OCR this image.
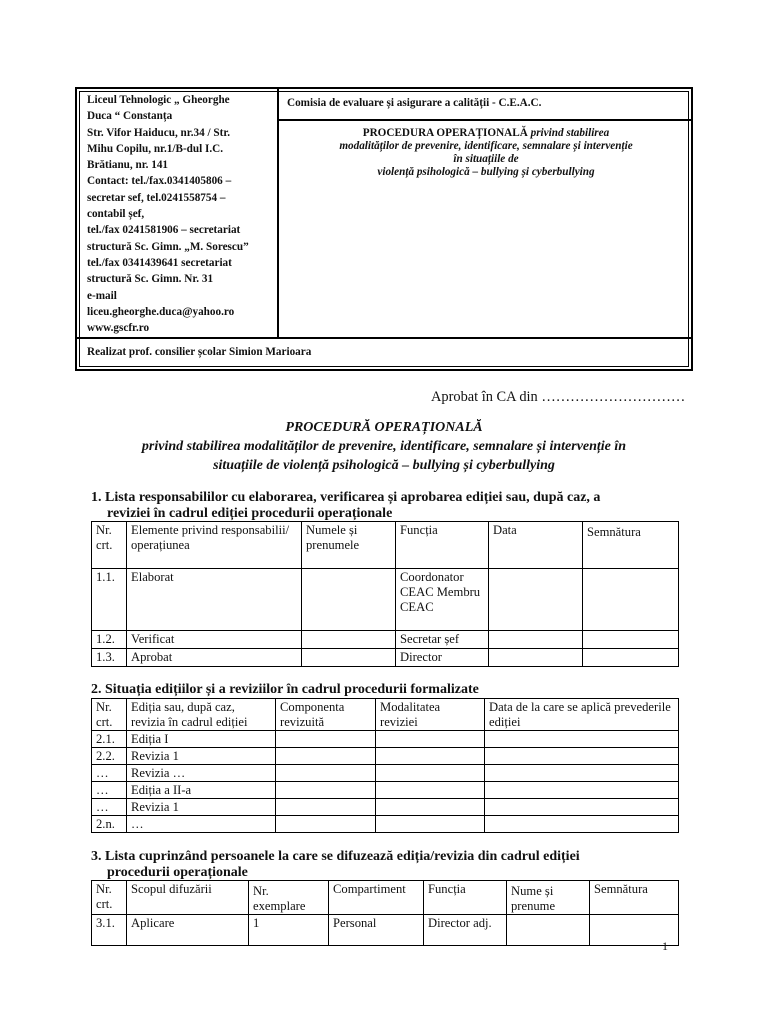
Liceul Tehnologic „ Gheorghe
Duca “ Constanța
Str. Vifor Haiducu, nr.34 / Str.
Mihu Copilu, nr.1/B-dul I.C.
Brătianu, nr. 141
Contact: tel./fax.0341405806 –
secretar sef, tel.0241558754 –
contabil șef,
tel./fax 0241581906 – secretariat
structură Sc. Gimn. „M. Sorescu”
tel./fax 0341439641 secretariat
structură Sc. Gimn. Nr. 31
e-mail
liceu.gheorghe.duca@yahoo.ro
www.gscfr.ro
Comisia de evaluare și asigurare a calității - C.E.A.C.
PROCEDURA OPERAȚIONALĂ privind stabilirea
modalităților de prevenire, identificare, semnalare și intervenție
în situațiile de
violență psihologică – bullying și cyberbullying
Realizat prof. consilier școlar Simion Marioara
Aprobat în CA din …………………………
PROCEDURĂ OPERAȚIONALĂ
privind stabilirea modalităților de prevenire, identificare, semnalare și intervenție în
situațiile de violență psihologică – bullying și cyberbullying
1. Lista responsabililor cu elaborarea, verificarea și aprobarea ediției sau, după caz, a
reviziei în cadrul ediției procedurii operaționale
Nr. crt.	Elemente privind responsabilii/ operațiunea	Numele și prenumele	Funcția	Data	Semnătura
1.1.	Elaborat		Coordonator CEAC Membru CEAC		
1.2.	Verificat		Secretar șef		
1.3.	Aprobat		Director		
2. Situația edițiilor și a reviziilor în cadrul procedurii formalizate
Nr. crt.	Ediția sau, după caz, revizia în cadrul ediției	Componenta revizuită	Modalitatea reviziei	Data de la care se aplică prevederile ediției
2.1.	Ediția I			
2.2.	Revizia 1			
…	Revizia …			
…	Ediția a II-a			
…	Revizia 1			
2.n.	…			
3. Lista cuprinzând persoanele la care se difuzează ediția/revizia din cadrul ediției
procedurii operaționale
Nr. crt.	Scopul difuzării	Nr. exemplare	Compartiment	Funcția	Nume și prenume	Semnătura
3.1.	Aplicare	1	Personal	Director adj.		
1
